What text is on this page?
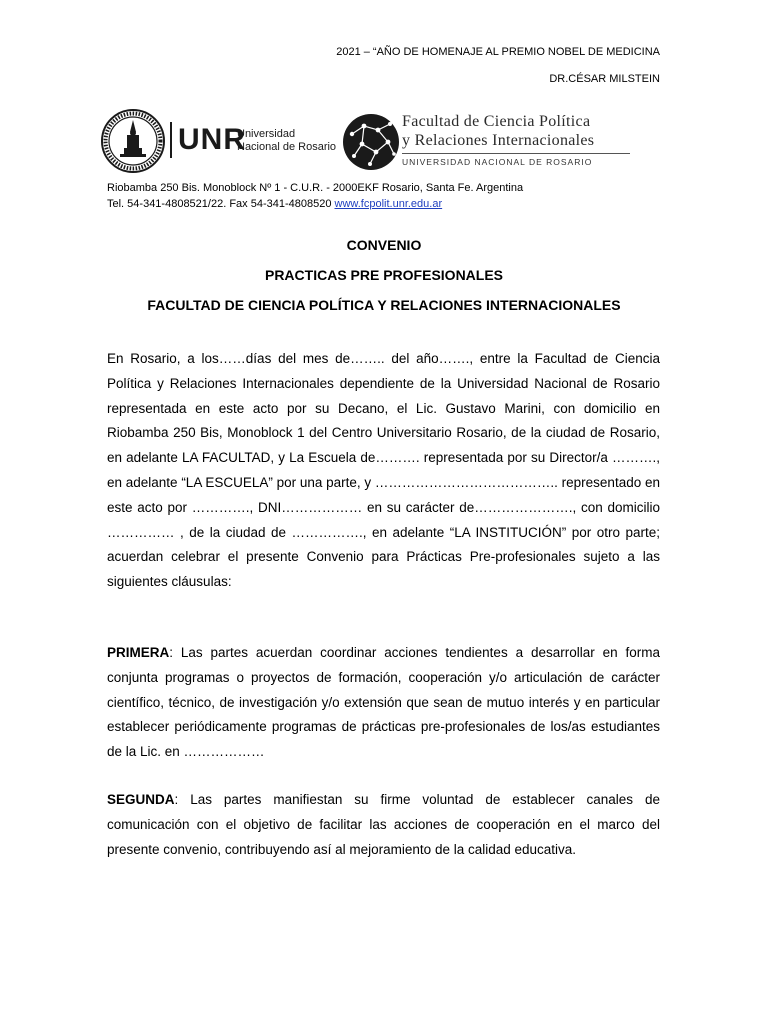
2021 – “AÑO DE HOMENAJE AL PREMIO NOBEL DE MEDICINA
DR.CÉSAR MILSTEIN
UNR
Universidad
Nacional de Rosario
Facultad de Ciencia Política
y Relaciones Internacionales
UNIVERSIDAD NACIONAL DE ROSARIO
Riobamba 250 Bis. Monoblock Nº 1 - C.U.R. - 2000EKF Rosario, Santa Fe. Argentina
Tel. 54-341-4808521/22. Fax 54-341-4808520 www.fcpolit.unr.edu.ar
CONVENIO
PRACTICAS PRE PROFESIONALES
FACULTAD DE CIENCIA POLÍTICA Y RELACIONES INTERNACIONALES
En Rosario, a los……días del mes de…….. del año……., entre la Facultad de Ciencia Política y Relaciones Internacionales dependiente de la Universidad Nacional de Rosario representada en este acto por su Decano, el Lic. Gustavo Marini, con domicilio en Riobamba 250 Bis, Monoblock 1 del Centro Universitario Rosario, de la ciudad de Rosario, en adelante LA FACULTAD, y La Escuela de………. representada por su Director/a ………., en adelante “LA ESCUELA” por una parte, y ………………………………….. representado en este acto por …………., DNI……………… en su carácter de…………………., con domicilio …………… , de la ciudad de ……………., en adelante “LA INSTITUCIÓN” por otro parte; acuerdan celebrar el presente Convenio para Prácticas Pre-profesionales sujeto a las siguientes cláusulas:
PRIMERA: Las partes acuerdan coordinar acciones tendientes a desarrollar en forma conjunta programas o proyectos de formación, cooperación y/o articulación de carácter científico, técnico, de investigación y/o extensión que sean de mutuo interés y en particular establecer periódicamente programas de prácticas pre-profesionales de los/as estudiantes de la Lic. en ………………
SEGUNDA: Las partes manifiestan su firme voluntad de establecer canales de comunicación con el objetivo de facilitar las acciones de cooperación en el marco del presente convenio, contribuyendo así al mejoramiento de la calidad educativa.
